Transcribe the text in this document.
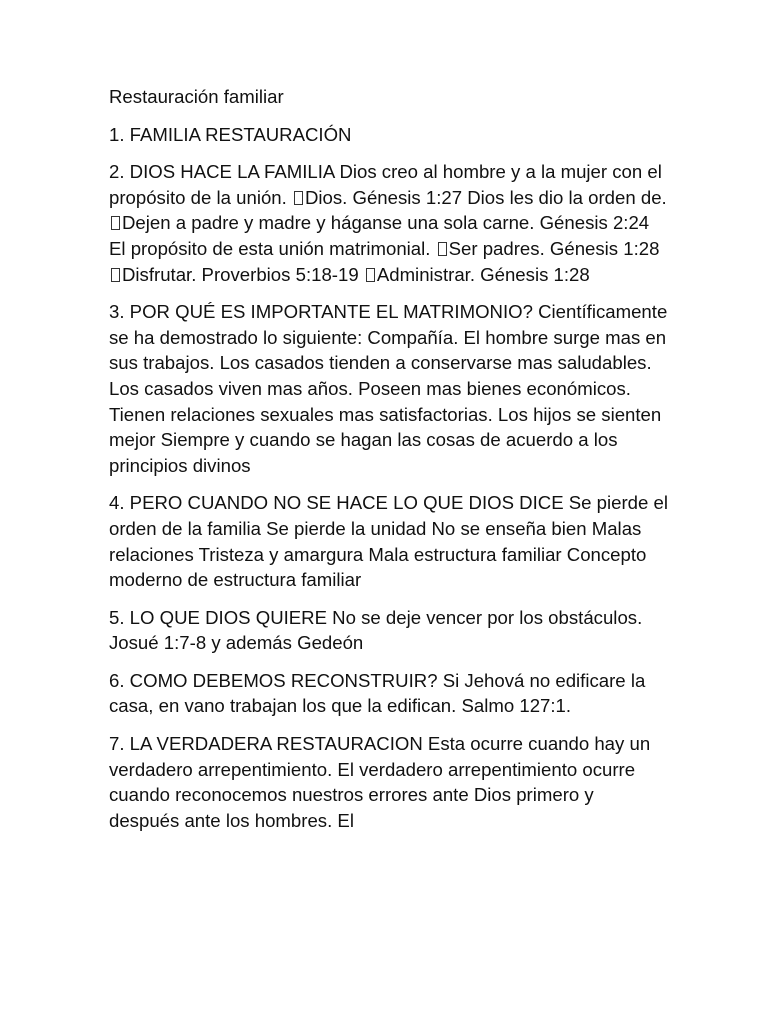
Restauración familiar

1. FAMILIA RESTAURACIÓN

2. DIOS HACE LA FAMILIA Dios creo al hombre y a la mujer con el propósito de la unión. Dios. Génesis 1:27 Dios les dio la orden de. Dejen a padre y madre y háganse una sola carne. Génesis 2:24 El propósito de esta unión matrimonial. Ser padres. Génesis 1:28 Disfrutar. Proverbios 5:18-19 Administrar. Génesis 1:28

3. POR QUÉ ES IMPORTANTE EL MATRIMONIO? Científicamente se ha demostrado lo siguiente: Compañía. El hombre surge mas en sus trabajos. Los casados tienden a conservarse mas saludables. Los casados viven mas años. Poseen mas bienes económicos. Tienen relaciones sexuales mas satisfactorias. Los hijos se sienten mejor Siempre y cuando se hagan las cosas de acuerdo a los principios divinos

4. PERO CUANDO NO SE HACE LO QUE DIOS DICE Se pierde el orden de la familia Se pierde la unidad No se enseña bien Malas relaciones Tristeza y amargura Mala estructura familiar Concepto moderno de estructura familiar

5. LO QUE DIOS QUIERE No se deje vencer por los obstáculos. Josué 1:7-8 y además Gedeón

6. COMO DEBEMOS RECONSTRUIR? Si Jehová no edificare la casa, en vano trabajan los que la edifican. Salmo 127:1.

7. LA VERDADERA RESTAURACION Esta ocurre cuando hay un verdadero arrepentimiento. El verdadero arrepentimiento ocurre cuando reconocemos nuestros errores ante Dios primero y después ante los hombres. El
